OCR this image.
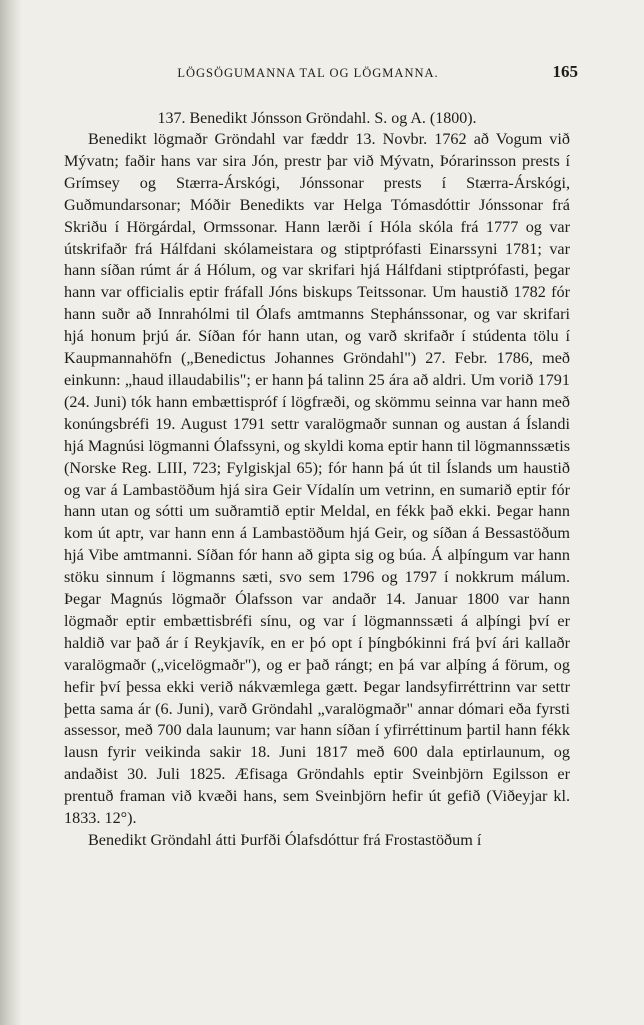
LÖGSÖGUMANNA TAL OG LÖGMANNA.	165
137. Benedikt Jónsson Gröndahl. S. og A. (1800).

Benedikt lögmaðr Gröndahl var fæddr 13. Novbr. 1762 að Vogum við Mývatn; faðir hans var sira Jón, prestr þar við Mývatn, Þórarinsson prests í Grímsey og Stærra-Árskógi, Jónssonar prests í Stærra-Árskógi, Guðmundarsonar; Móðir Benedikts var Helga Tómasdóttir Jónssonar frá Skriðu í Hörgárdal, Ormssonar. Hann lærði í Hóla skóla frá 1777 og var útskrifaðr frá Hálfdani skólameistara og stiptprófasti Einarssyni 1781; var hann síðan rúmt ár á Hólum, og var skrifari hjá Hálfdani stiptprófasti, þegar hann var officialis eptir fráfall Jóns biskups Teitssonar. Um haustið 1782 fór hann suðr að Innrahólmi til Ólafs amtmanns Stephánssonar, og var skrifari hjá honum þrjú ár. Síðan fór hann utan, og varð skrifaðr í stúdenta tölu í Kaupmannahöfn („Benedictus Johannes Gröndahl") 27. Febr. 1786, með einkunn: „haud illaudabilis"; er hann þá talinn 25 ára að aldri. Um vorið 1791 (24. Juni) tók hann embættispróf í lögfræði, og skömmu seinna var hann með konúngsbréfi 19. August 1791 settr varalögmaðr sunnan og austan á Íslandi hjá Magnúsi lögmanni Ólafssyni, og skyldi koma eptir hann til lögmannssætis (Norske Reg. LIII, 723; Fylgiskjal 65); fór hann þá út til Íslands um haustið og var á Lambastöðum hjá sira Geir Vídalín um vetrinn, en sumarið eptir fór hann utan og sótti um suðramtið eptir Meldal, en fékk það ekki. Þegar hann kom út aptr, var hann enn á Lambastöðum hjá Geir, og síðan á Bessastöðum hjá Vibe amtmanni. Síðan fór hann að gipta sig og búa. Á alþíngum var hann stöku sinnum í lögmanns sæti, svo sem 1796 og 1797 í nokkrum málum. Þegar Magnús lögmaðr Ólafsson var andaðr 14. Januar 1800 var hann lögmaðr eptir embættisbréfi sínu, og var í lögmannssæti á alþíngi því er haldið var það ár í Reykjavík, en er þó opt í þíngbókinni frá því ári kallaðr varalögmaðr („vicelögmaðr"), og er það rángt; en þá var alþíng á förum, og hefir því þessa ekki verið nákvæmlega gætt. Þegar landsyfirréttrinn var settr þetta sama ár (6. Juni), varð Gröndahl „varalögmaðr" annar dómari eða fyrsti assessor, með 700 dala launum; var hann síðan í yfirréttinum þartil hann fékk lausn fyrir veikinda sakir 18. Juni 1817 með 600 dala eptirlaunum, og andaðist 30. Juli 1825. Æfisaga Gröndahls eptir Sveinbjörn Egilsson er prentuð framan við kvæði hans, sem Sveinbjörn hefir út gefið (Viðeyjar kl. 1833. 12°).

Benedikt Gröndahl átti Þurfði Ólafsdóttur frá Frostastöðum í
